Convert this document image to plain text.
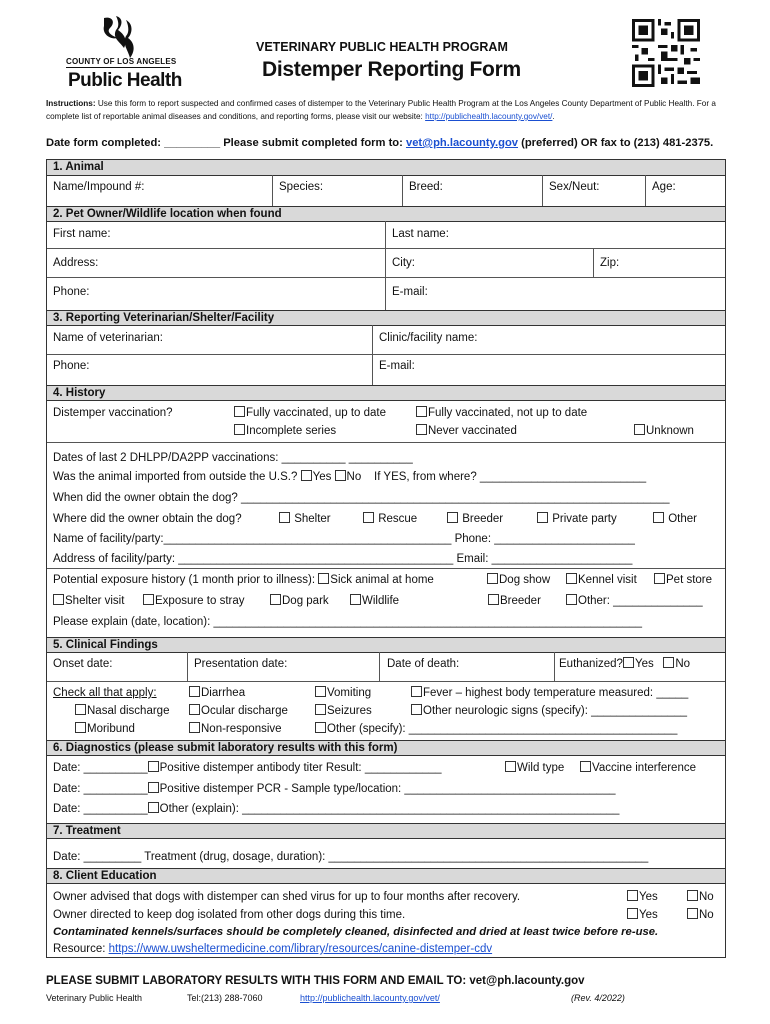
COUNTY OF LOS ANGELES
Public Health
VETERINARY PUBLIC HEALTH PROGRAM
Distemper Reporting Form
Instructions: Use this form to report suspected and confirmed cases of distemper to the Veterinary Public Health Program at the Los Angeles County Department of Public Health. For a complete list of reportable animal diseases and conditions, and reporting forms, please visit our website: http://publichealth.lacounty.gov/vet/.
Date form completed: _________ Please submit completed form to: vet@ph.lacounty.gov (preferred) OR fax to (213) 481-2375.
1. Animal
Name/Impound #:	Species:	Breed:	Sex/Neut:	Age:
2. Pet Owner/Wildlife location when found
First name:	Last name:
Address:	City:	Zip:
Phone:	E-mail:
3. Reporting Veterinarian/Shelter/Facility
Name of veterinarian:	Clinic/facility name:
Phone:	E-mail:
4. History
Distemper vaccination?	Fully vaccinated, up to date	Fully vaccinated, not up to date
Incomplete series	Never vaccinated	Unknown
Dates of last 2 DHLPP/DA2PP vaccinations: __________ __________
Was the animal imported from outside the U.S.? Yes No If YES, from where? __________________________
When did the owner obtain the dog? ___________________________________________________________________
Where did the owner obtain the dog?	Shelter	Rescue	Breeder	Private party	Other
Name of facility/party:_____________________________________________ Phone: ______________________
Address of facility/party: ___________________________________________ Email: ______________________
Potential exposure history (1 month prior to illness): Sick animal at home	Dog show	Kennel visit	Pet store
Shelter visit	Exposure to stray	Dog park	Wildlife	Breeder	Other: ______________
Please explain (date, location): ___________________________________________________________________
5. Clinical Findings
Onset date:	Presentation date:	Date of death:	Euthanized? Yes No
Check all that apply:	Diarrhea	Vomiting	Fever – highest body temperature measured: _____
Nasal discharge	Ocular discharge	Seizures	Other neurologic signs (specify): _______________
Moribund	Non-responsive	Other (specify): __________________________________________
6. Diagnostics (please submit laboratory results with this form)
Date: __________ Positive distemper antibody titer Result: ____________	Wild type	Vaccine interference
Date: __________ Positive distemper PCR - Sample type/location: _________________________________
Date: __________ Other (explain): ___________________________________________________________
7. Treatment
Date: _________ Treatment (drug, dosage, duration): __________________________________________________
8. Client Education
Owner advised that dogs with distemper can shed virus for up to four months after recovery.	Yes	No
Owner directed to keep dog isolated from other dogs during this time.	Yes	No
Contaminated kennels/surfaces should be completely cleaned, disinfected and dried at least twice before re-use.
Resource: https://www.uwsheltermedicine.com/library/resources/canine-distemper-cdv
PLEASE SUBMIT LABORATORY RESULTS WITH THIS FORM AND EMAIL TO: vet@ph.lacounty.gov
Veterinary Public Health	Tel:(213) 288-7060	http://publichealth.lacounty.gov/vet/	(Rev. 4/2022)
